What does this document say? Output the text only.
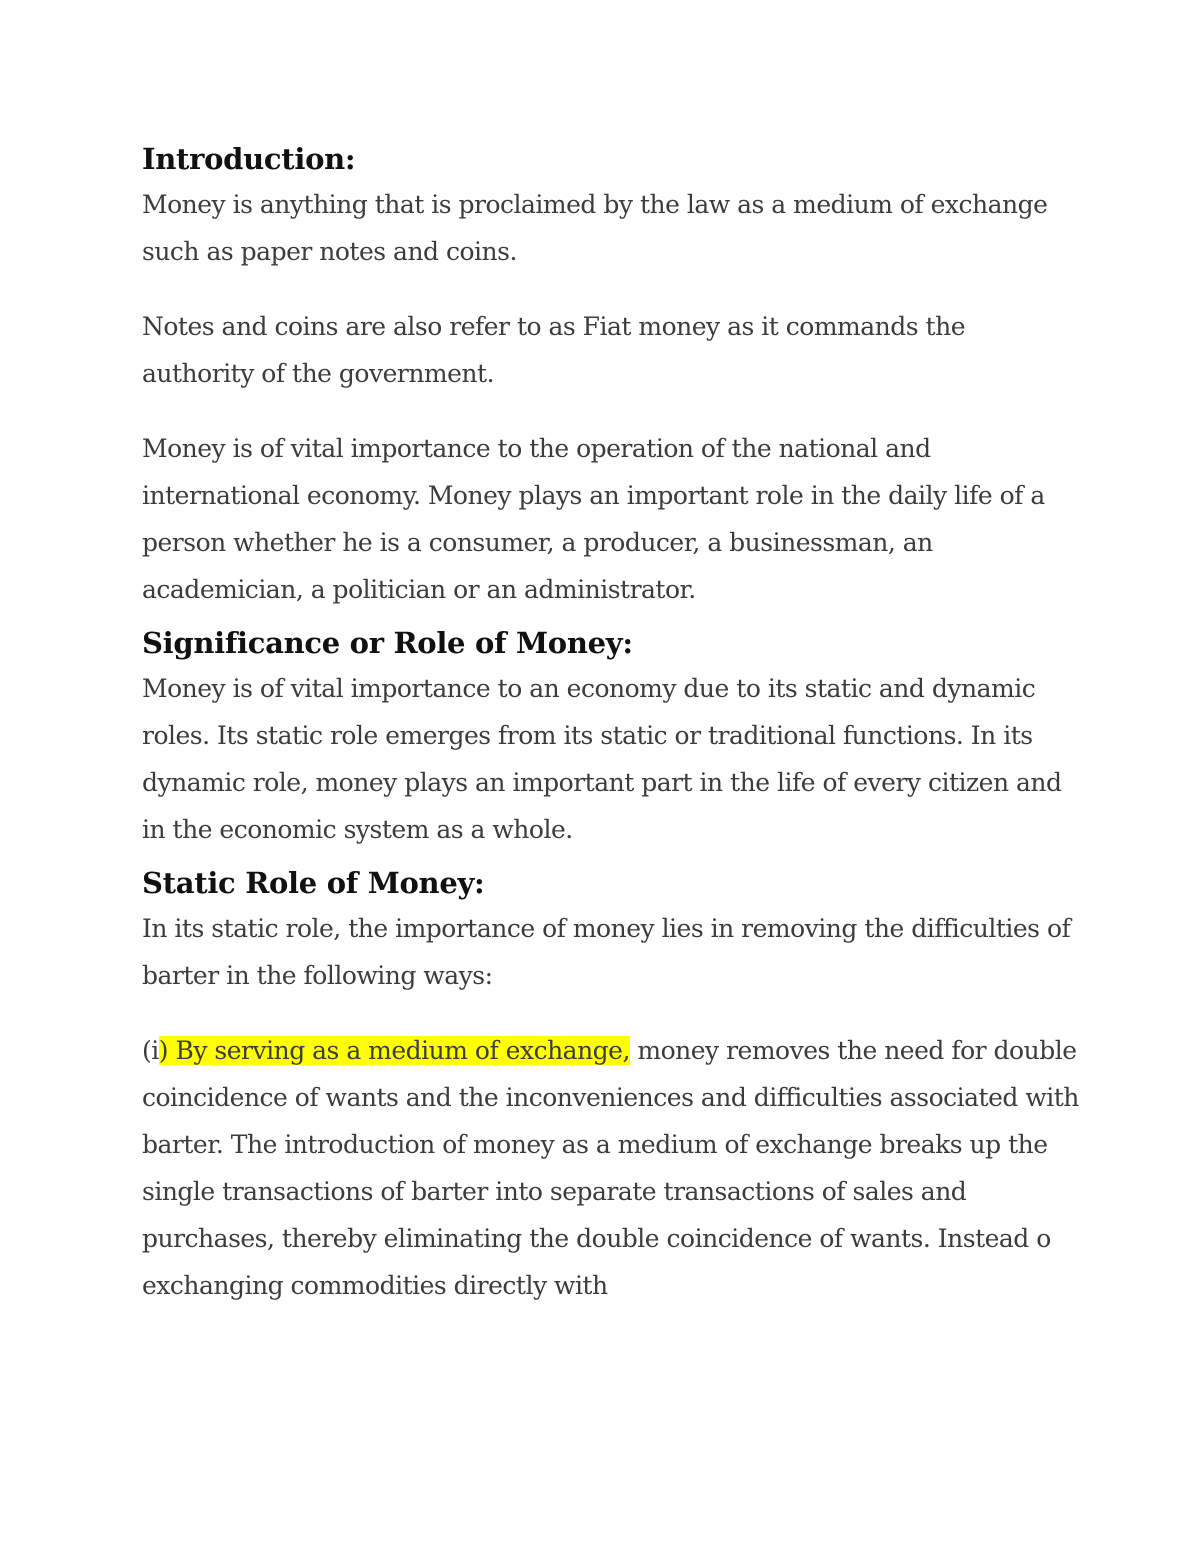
Introduction:

Money is anything that is proclaimed by the law as a medium of exchange such as paper notes and coins.

Notes and coins are also refer to as Fiat money as it commands the authority of the government.

Money is of vital importance to the operation of the national and international economy. Money plays an important role in the daily life of a person whether he is a consumer, a producer, a businessman, an academician, a politician or an administrator.

Significance or Role of Money:

Money is of vital importance to an economy due to its static and dynamic roles. Its static role emerges from its static or traditional functions. In its dynamic role, money plays an important part in the life of every citizen and in the economic system as a whole.

Static Role of Money:

In its static role, the importance of money lies in removing the difficulties of barter in the following ways:

(i) By serving as a medium of exchange, money removes the need for double coincidence of wants and the inconveniences and difficulties associated with barter. The introduction of money as a medium of exchange breaks up the single transactions of barter into separate transactions of sales and purchases, thereby eliminating the double coincidence of wants. Instead o exchanging commodities directly with
